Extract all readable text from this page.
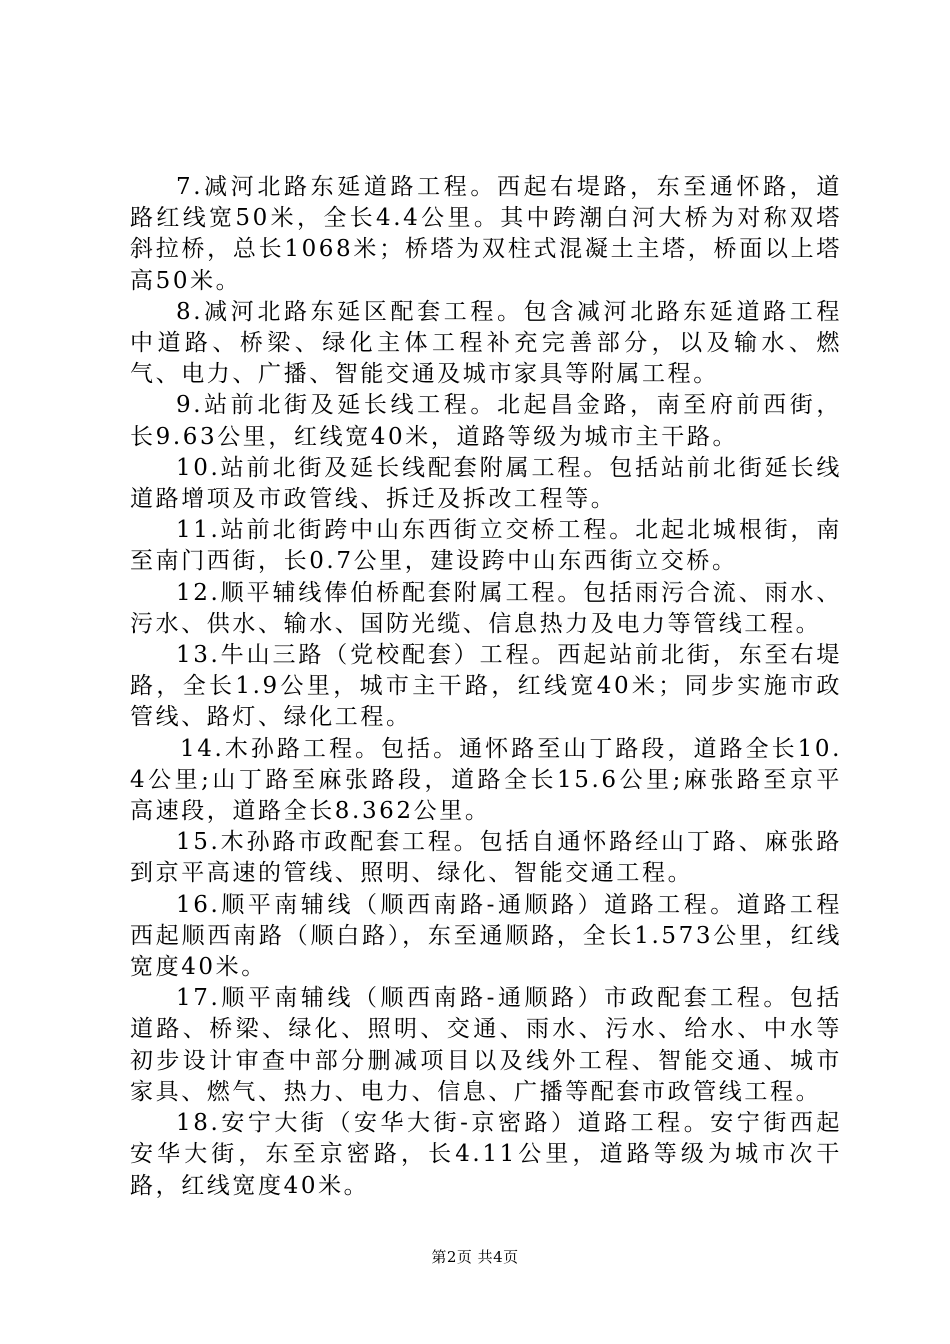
7.减河北路东延道路工程。西起右堤路，东至通怀路，道路红线宽50米，全长4.4公里。其中跨潮白河大桥为对称双塔斜拉桥，总长1068米；桥塔为双柱式混凝土主塔，桥面以上塔高50米。

8.减河北路东延区配套工程。包含减河北路东延道路工程中道路、桥梁、绿化主体工程补充完善部分，以及输水、燃气、电力、广播、智能交通及城市家具等附属工程。

9.站前北街及延长线工程。北起昌金路，南至府前西街，长9.63公里，红线宽40米，道路等级为城市主干路。

10.站前北街及延长线配套附属工程。包括站前北街延长线道路增项及市政管线、拆迁及拆改工程等。

11.站前北街跨中山东西街立交桥工程。北起北城根街，南至南门西街，长0.7公里，建设跨中山东西街立交桥。

12.顺平辅线俸伯桥配套附属工程。包括雨污合流、雨水、污水、供水、输水、国防光缆、信息热力及电力等管线工程。

13.牛山三路（党校配套）工程。西起站前北街，东至右堤路，全长1.9公里，城市主干路，红线宽40米；同步实施市政管线、路灯、绿化工程。

14.木孙路工程。包括。通怀路至山丁路段，道路全长10.4公里;山丁路至麻张路段，道路全长15.6公里;麻张路至京平高速段，道路全长8.362公里。

15.木孙路市政配套工程。包括自通怀路经山丁路、麻张路到京平高速的管线、照明、绿化、智能交通工程。

16.顺平南辅线（顺西南路-通顺路）道路工程。道路工程西起顺西南路（顺白路），东至通顺路，全长1.573公里，红线宽度40米。

17.顺平南辅线（顺西南路-通顺路）市政配套工程。包括道路、桥梁、绿化、照明、交通、雨水、污水、给水、中水等初步设计审查中部分删减项目以及线外工程、智能交通、城市家具、燃气、热力、电力、信息、广播等配套市政管线工程。

18.安宁大街（安华大街-京密路）道路工程。安宁街西起安华大街，东至京密路，长4.11公里，道路等级为城市次干路，红线宽度40米。

第2页 共4页
